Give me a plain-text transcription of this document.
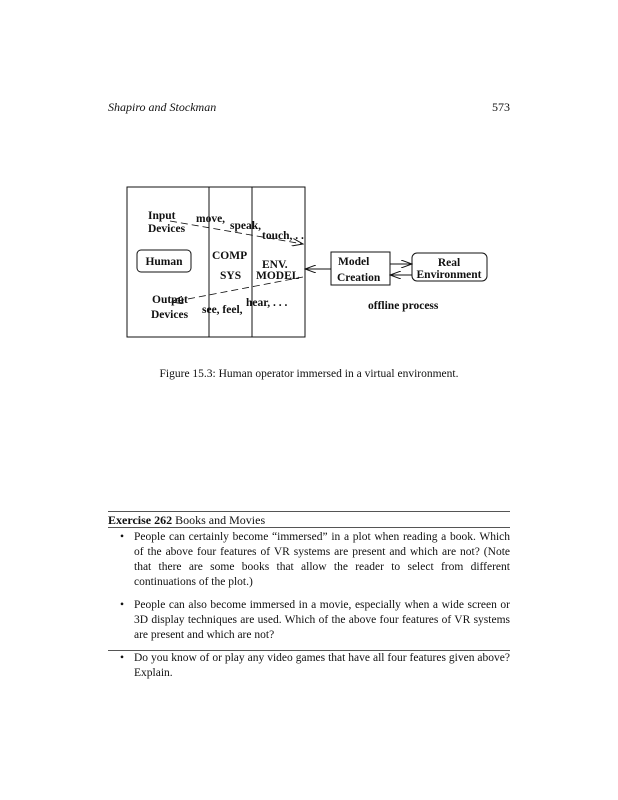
Shapiro and Stockman	573
Human
Input
Devices
move,
speak,
touch, . .
COMP
SYS
ENV.
MODEL
Output
Devices see, feel,
hear, . . .
Model
Creation
Real
Environment
offline process
Figure 15.3: Human operator immersed in a virtual environment.
Exercise 262 Books and Movies
• People can certainly become “immersed” in a plot when reading a book. Which of the above four features of VR systems are present and which are not? (Note that there are some books that allow the reader to select from different continuations of the plot.)
• People can also become immersed in a movie, especially when a wide screen or 3D display techniques are used. Which of the above four features of VR systems are present and which are not?
• Do you know of or play any video games that have all four features given above? Explain.
